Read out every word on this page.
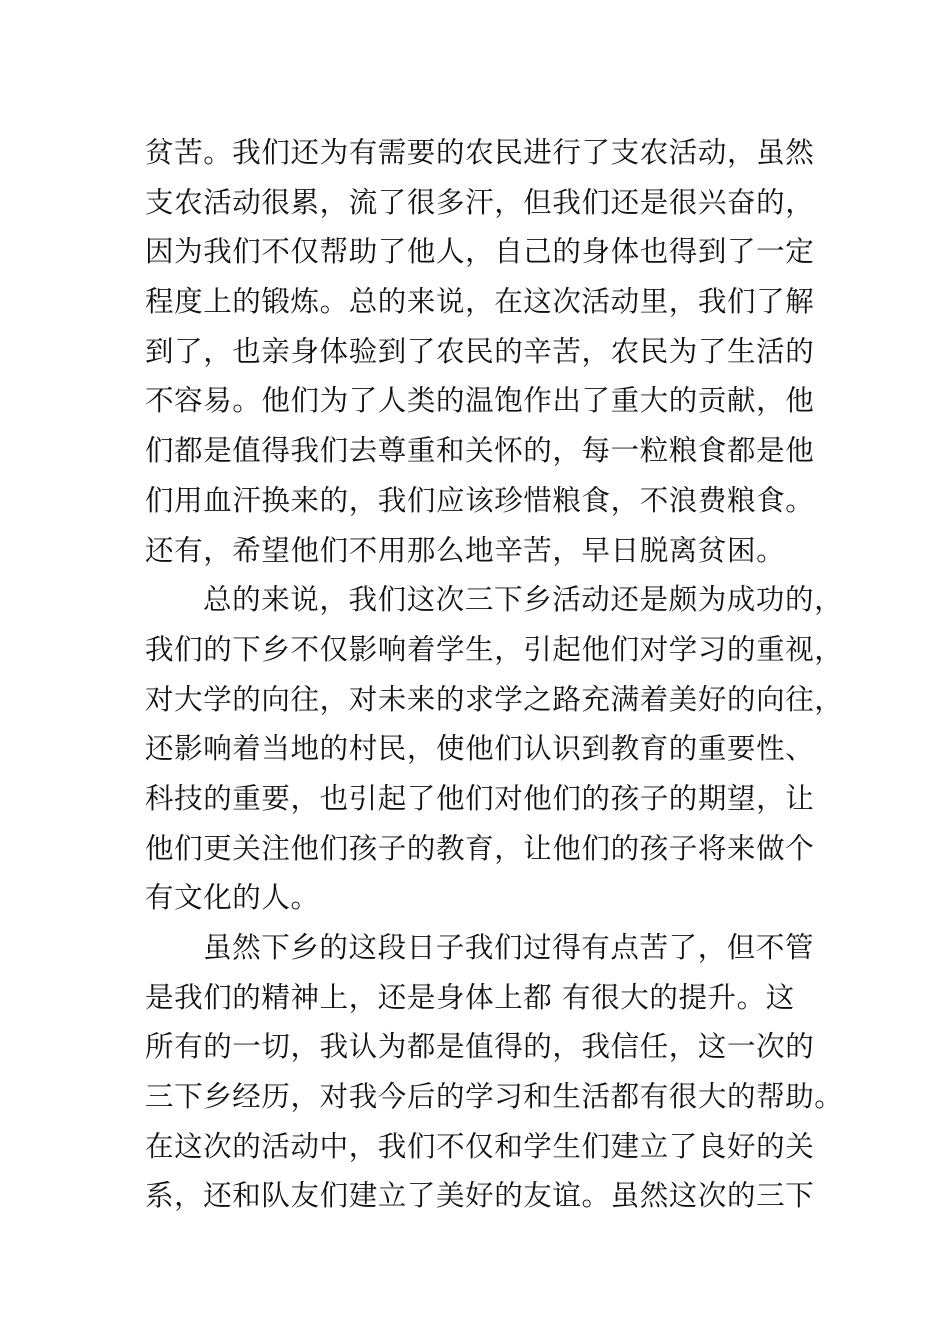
贫苦。我们还为有需要的农民进行了支农活动，虽然
支农活动很累，流了很多汗，但我们还是很兴奋的，
因为我们不仅帮助了他人，自己的身体也得到了一定
程度上的锻炼。总的来说，在这次活动里，我们了解
到了，也亲身体验到了农民的辛苦，农民为了生活的
不容易。他们为了人类的温饱作出了重大的贡献，他
们都是值得我们去尊重和关怀的，每一粒粮食都是他
们用血汗换来的，我们应该珍惜粮食，不浪费粮食。
还有，希望他们不用那么地辛苦，早日脱离贫困。
总的来说，我们这次三下乡活动还是颇为成功的，
我们的下乡不仅影响着学生，引起他们对学习的重视，
对大学的向往，对未来的求学之路充满着美好的向往，
还影响着当地的村民，使他们认识到教育的重要性、
科技的重要，也引起了他们对他们的孩子的期望，让
他们更关注他们孩子的教育，让他们的孩子将来做个
有文化的人。
虽然下乡的这段日子我们过得有点苦了，但不管
是我们的精神上，还是身体上都 有很大的提升。这
所有的一切，我认为都是值得的，我信任，这一次的
三下乡经历，对我今后的学习和生活都有很大的帮助。
在这次的活动中，我们不仅和学生们建立了良好的关
系，还和队友们建立了美好的友谊。虽然这次的三下
